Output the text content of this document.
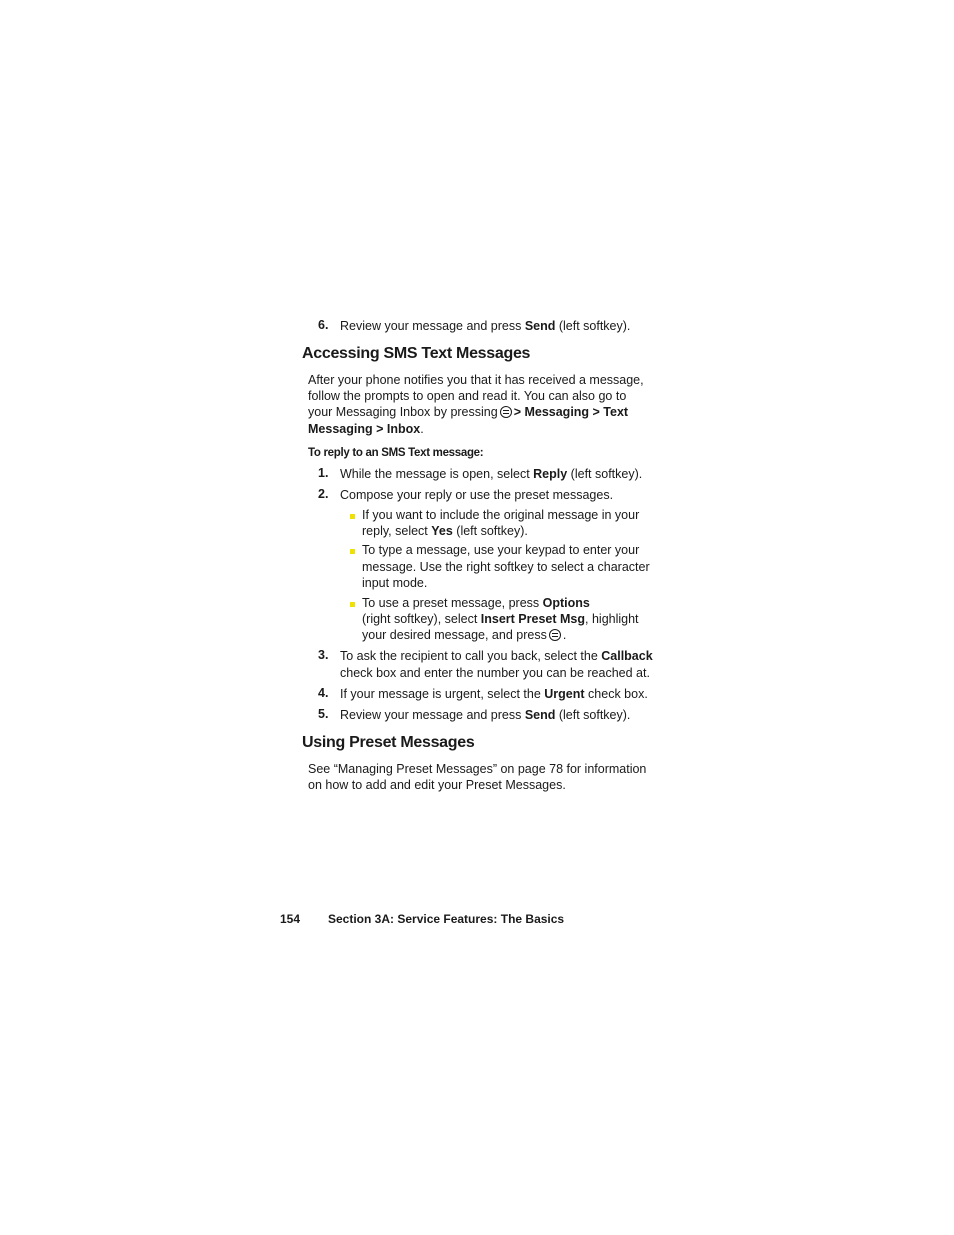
6. Review your message and press Send (left softkey).
Accessing SMS Text Messages
After your phone notifies you that it has received a message,
follow the prompts to open and read it. You can also go to
your Messaging Inbox by pressing > Messaging > Text
Messaging > Inbox.
To reply to an SMS Text message:
1. While the message is open, select Reply (left softkey).
2. Compose your reply or use the preset messages.
If you want to include the original message in your
reply, select Yes (left softkey).
To type a message, use your keypad to enter your
message. Use the right softkey to select a character
input mode.
To use a preset message, press Options
(right softkey), select Insert Preset Msg, highlight
your desired message, and press .
3. To ask the recipient to call you back, select the Callback
check box and enter the number you can be reached at.
4. If your message is urgent, select the Urgent check box.
5. Review your message and press Send (left softkey).
Using Preset Messages
See “Managing Preset Messages” on page 78 for information
on how to add and edit your Preset Messages.
154 Section 3A: Service Features: The Basics
